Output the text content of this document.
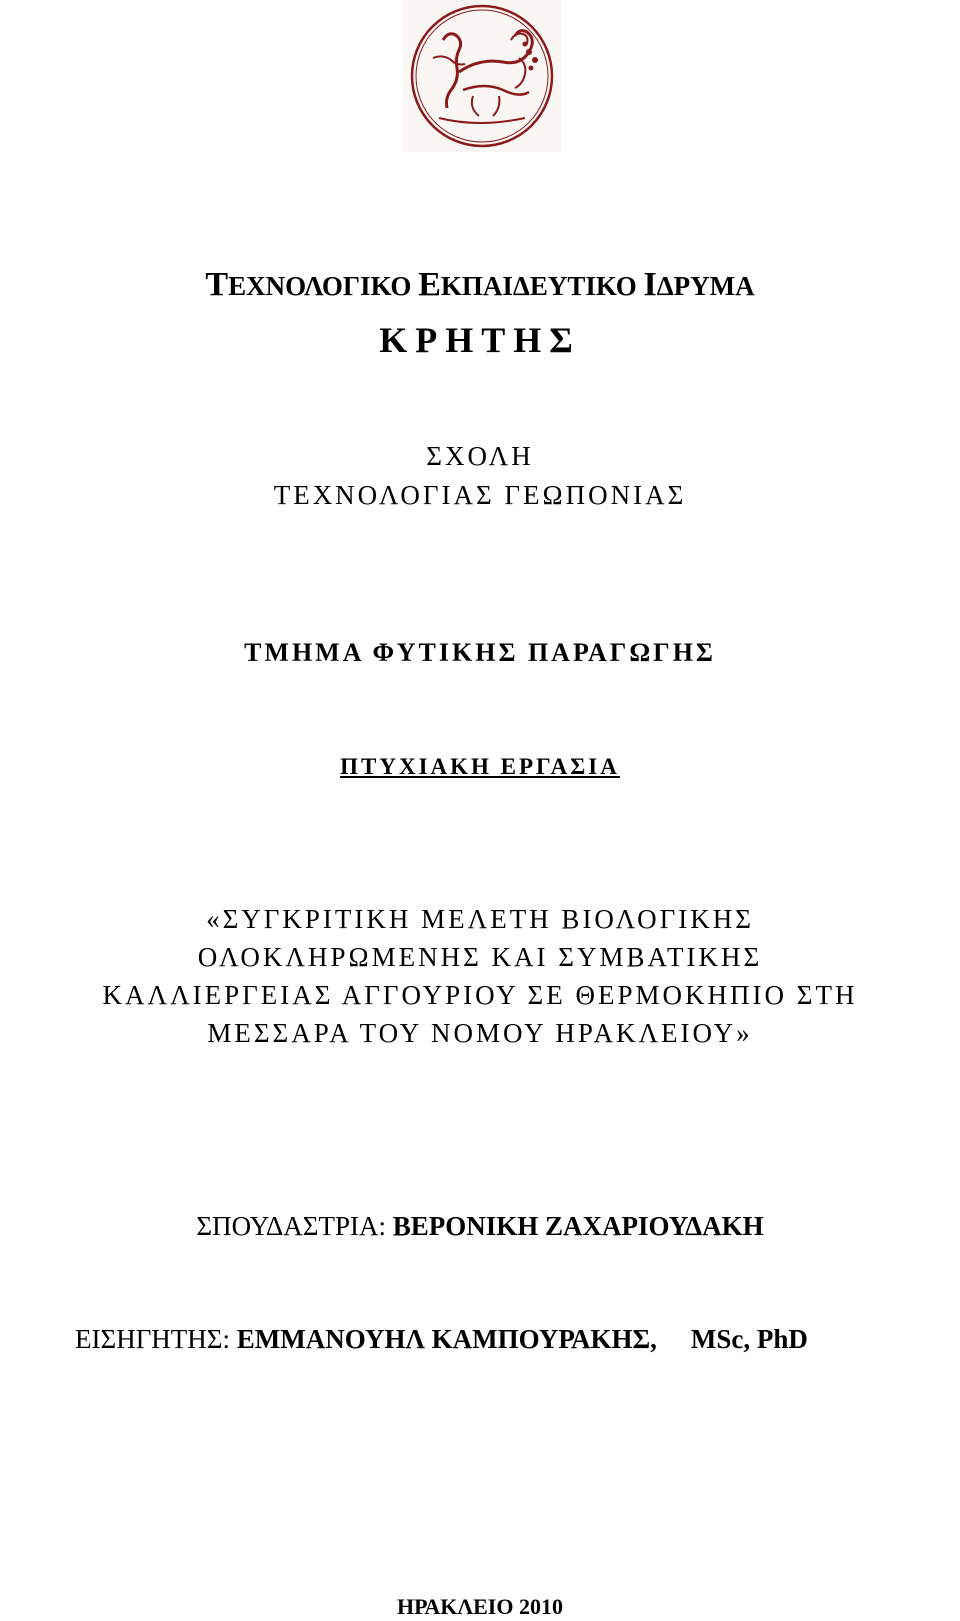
ΤΕΧΝΟΛΟΓΙΚΟ ΕΚΠΑΙΔΕΥΤΙΚΟ ΙΔΡΥΜΑ
ΚΡΗΤΗΣ
ΣΧΟΛΗ
ΤΕΧΝΟΛΟΓΙΑΣ ΓΕΩΠΟΝΙΑΣ
ΤΜΗΜΑ ΦΥΤΙΚΗΣ ΠΑΡΑΓΩΓΗΣ
ΠΤΥΧΙΑΚΗ ΕΡΓΑΣΙΑ
«ΣΥΓΚΡΙΤΙΚΗ ΜΕΛΕΤΗ ΒΙΟΛΟΓΙΚΗΣ
ΟΛΟΚΛΗΡΩΜΕΝΗΣ ΚΑΙ ΣΥΜΒΑΤΙΚΗΣ
ΚΑΛΛΙΕΡΓΕΙΑΣ ΑΓΓΟΥΡΙΟΥ ΣΕ ΘΕΡΜΟΚΗΠΙΟ ΣΤΗ
ΜΕΣΣΑΡΑ ΤΟΥ ΝΟΜΟΥ ΗΡΑΚΛΕΙΟΥ»
ΣΠΟΥΔΑΣΤΡΙΑ: ΒΕΡΟΝΙΚΗ ΖΑΧΑΡΙΟΥΔΑΚΗ
ΕΙΣΗΓΗΤΗΣ: ΕΜΜΑΝΟΥΗΛ ΚΑΜΠΟΥΡΑΚΗΣ, MSc, PhD
ΗΡΑΚΛΕΙΟ 2010
